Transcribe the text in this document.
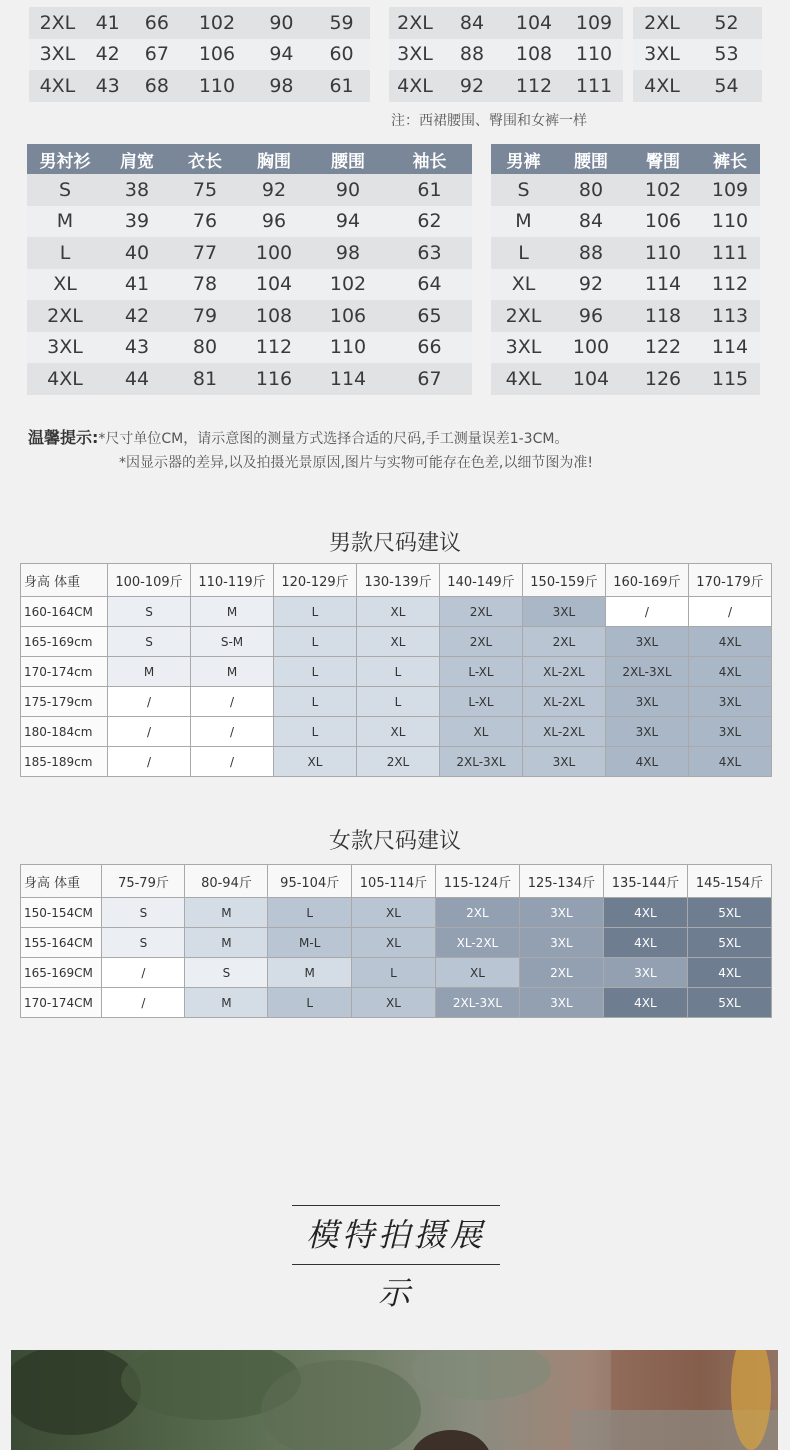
2XL	41	66	102	90	59
3XL	42	67	106	94	60
4XL	43	68	110	98	61
2XL	84	104	109
3XL	88	108	110
4XL	92	112	111
2XL	52
3XL	53
4XL	54
注：西裙腰围、臀围和女裤一样
男衬衫	肩宽	衣长	胸围	腰围	袖长
S	38	75	92	90	61
M	39	76	96	94	62
L	40	77	100	98	63
XL	41	78	104	102	64
2XL	42	79	108	106	65
3XL	43	80	112	110	66
4XL	44	81	116	114	67
男裤	腰围	臀围	裤长
S	80	102	109
M	84	106	110
L	88	110	111
XL	92	114	112
2XL	96	118	113
3XL	100	122	114
4XL	104	126	115
温馨提示:*尺寸单位CM，请示意图的测量方式选择合适的尺码,手工测量误差1-3CM。
*因显示器的差异,以及拍摄光景原因,图片与实物可能存在色差,以细节图为准!
男款尺码建议
身高 体重	100-109斤	110-119斤	120-129斤	130-139斤	140-149斤	150-159斤	160-169斤	170-179斤
160-164CM	S	M	L	XL	2XL	3XL	/	/
165-169cm	S	S-M	L	XL	2XL	2XL	3XL	4XL
170-174cm	M	M	L	L	L-XL	XL-2XL	2XL-3XL	4XL
175-179cm	/	/	L	L	L-XL	XL-2XL	3XL	3XL
180-184cm	/	/	L	XL	XL	XL-2XL	3XL	3XL
185-189cm	/	/	XL	2XL	2XL-3XL	3XL	4XL	4XL
女款尺码建议
身高 体重	75-79斤	80-94斤	95-104斤	105-114斤	115-124斤	125-134斤	135-144斤	145-154斤
150-154CM	S	M	L	XL	2XL	3XL	4XL	5XL
155-164CM	S	M	M-L	XL	XL-2XL	3XL	4XL	5XL
165-169CM	/	S	M	L	XL	2XL	3XL	4XL
170-174CM	/	M	L	XL	2XL-3XL	3XL	4XL	5XL
模特拍摄展示
